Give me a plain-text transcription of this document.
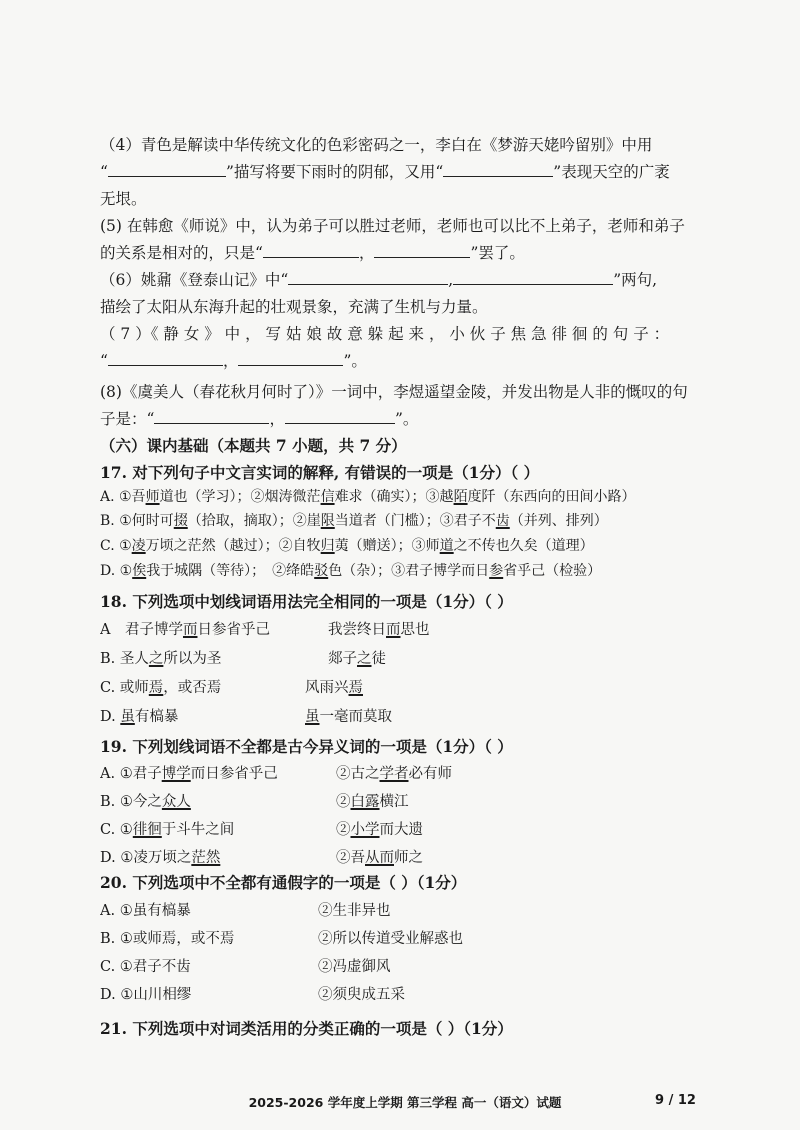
（4）青色是解读中华传统文化的色彩密码之一，李白在《梦游天姥吟留别》中用
“	”描写将要下雨时的阴郁，又用“	”表现天空的广袤
无垠。
(5) 在韩愈《师说》中，认为弟子可以胜过老师，老师也可以比不上弟子，老师和弟子
的关系是相对的，只是“	，	”罢了。
（6）姚鼐《登泰山记》中“	,	”两句,
描绘了太阳从东海升起的壮观景象，充满了生机与力量。
（ 7 ）《 静 女 》 中 ， 写 姑 娘 故 意 躲 起 来 ， 小 伙 子 焦 急 徘 徊 的 句 子 ：
“	，	”。
(8)《虞美人（春花秋月何时了）》一词中，李煜遥望金陵，并发出物是人非的慨叹的句
子是：“	，	”。
（六）课内基础（本题共 7 小题，共 7 分）
17. 对下列句子中文言实词的解释, 有错误的一项是（1分）（ ）
A. ①吾师道也（学习）；②烟涛微茫信难求（确实）；③越陌度阡（东西向的田间小路）
B. ①何时可掇（拾取，摘取）；②崖限当道者（门槛）；③君子不齿（并列、排列）
C. ①凌万顷之茫然（越过）；②自牧归荑（赠送）；③师道之不传也久矣（道理）
D. ①俟我于城隅（等待）；　②绛皓驳色（杂）；③君子博学而日参省乎己（检验）
18. 下列选项中划线词语用法完全相同的一项是（1分）（ ）
A　君子博学而日参省乎己	我尝终日而思也
B. 圣人之所以为圣	郯子之徒
C. 或师焉，或否焉	风雨兴焉
D. 虽有槁暴	虽一毫而莫取
19. 下列划线词语不全都是古今异义词的一项是（1分）（ ）
A. ①君子博学而日参省乎己	②古之学者必有师
B. ①今之众人	②白露横江
C. ①徘徊于斗牛之间	②小学而大遗
D. ①凌万顷之茫然	②吾从而师之
20. 下列选项中不全都有通假字的一项是（ ）（1分）
A. ①虽有槁暴	②生非异也
B. ①或师焉，或不焉	②所以传道受业解惑也
C. ①君子不齿	②冯虚御风
D. ①山川相缪	②须臾成五采
21. 下列选项中对词类活用的分类正确的一项是（ ）（1分）
2025-2026 学年度上学期 第三学程 高一（语文）试题	9 / 12
